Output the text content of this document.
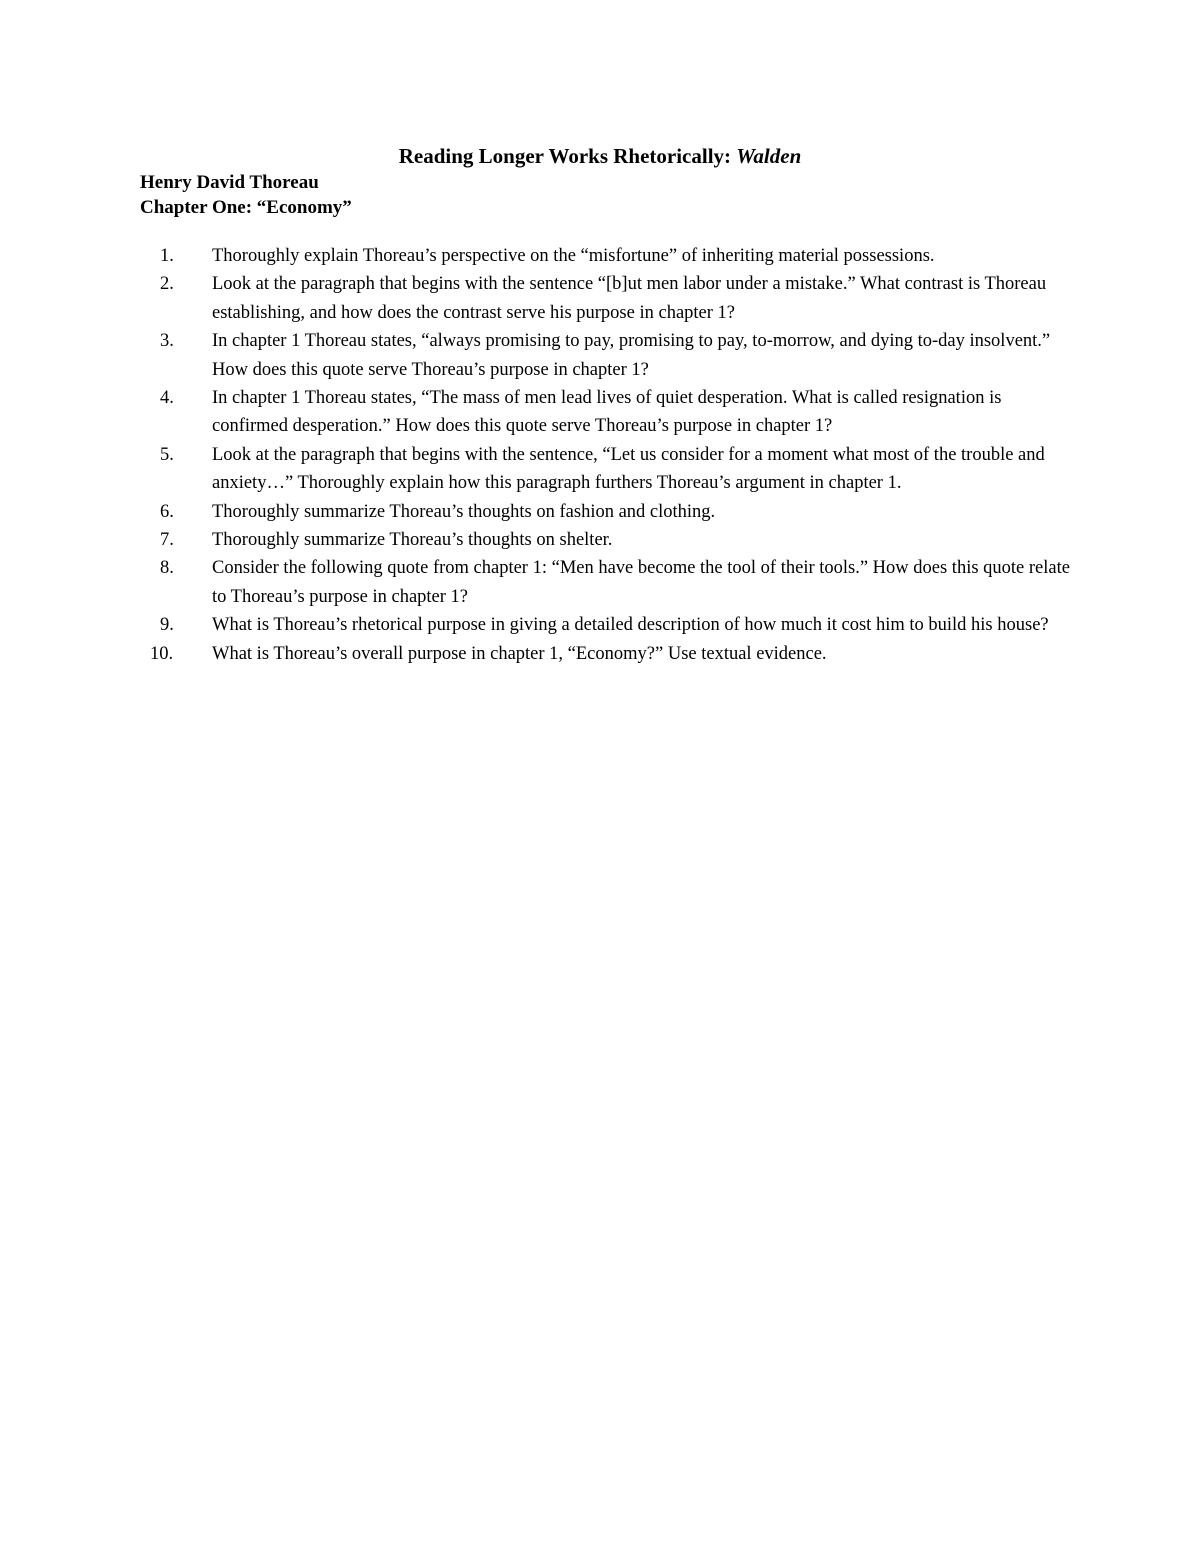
Reading Longer Works Rhetorically: Walden
Henry David Thoreau
Chapter One: “Economy”
1.	Thoroughly explain Thoreau’s perspective on the “misfortune” of inheriting material possessions.
2.	Look at the paragraph that begins with the sentence “[b]ut men labor under a mistake.” What contrast is Thoreau establishing, and how does the contrast serve his purpose in chapter 1?
3.	In chapter 1 Thoreau states, “always promising to pay, promising to pay, to-morrow, and dying to-day insolvent.” How does this quote serve Thoreau’s purpose in chapter 1?
4.	In chapter 1 Thoreau states, “The mass of men lead lives of quiet desperation. What is called resignation is confirmed desperation.” How does this quote serve Thoreau’s purpose in chapter 1?
5.	Look at the paragraph that begins with the sentence, “Let us consider for a moment what most of the trouble and anxiety…” Thoroughly explain how this paragraph furthers Thoreau’s argument in chapter 1.
6.	Thoroughly summarize Thoreau’s thoughts on fashion and clothing.
7.	Thoroughly summarize Thoreau’s thoughts on shelter.
8.	Consider the following quote from chapter 1: “Men have become the tool of their tools.” How does this quote relate to Thoreau’s purpose in chapter 1?
9.	What is Thoreau’s rhetorical purpose in giving a detailed description of how much it cost him to build his house?
10.	What is Thoreau’s overall purpose in chapter 1, “Economy?” Use textual evidence.
